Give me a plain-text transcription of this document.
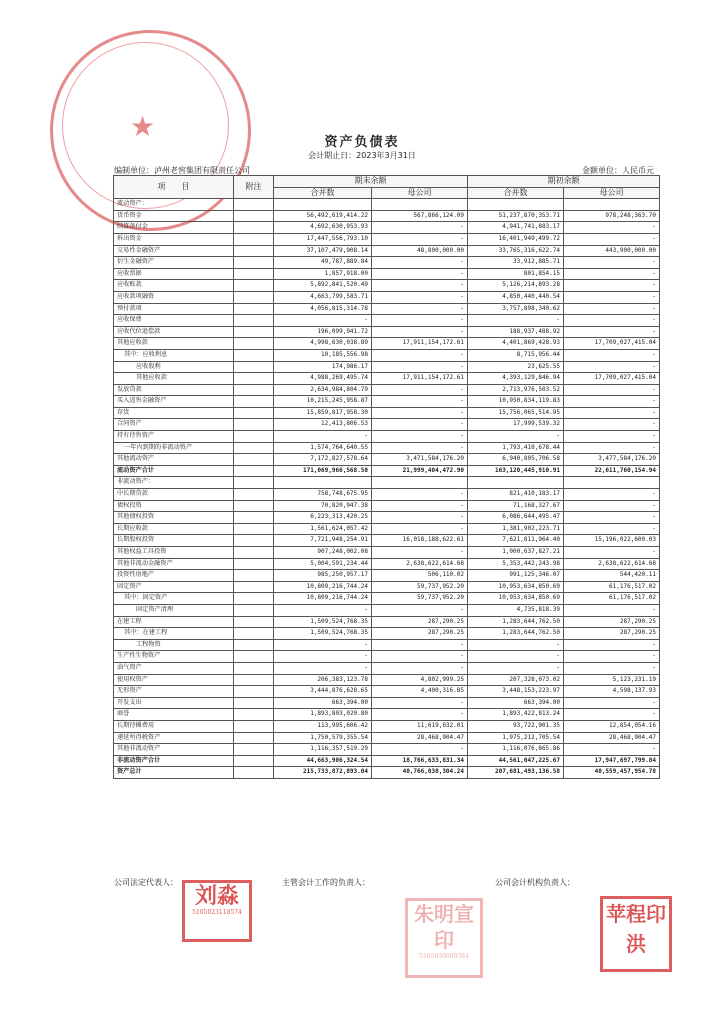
★	资产负债表
会计期止日：2023年3月31日
编制单位：泸州老窖集团有限责任公司	金额单位：人民币元
项　　目	附注	期末余额		期初余额	
		合并数	母公司	合并数	母公司
流动资产：					
货币资金		56,492,619,414.22	567,866,124.09	51,237,870,353.71	978,248,363.70
结算备付金		4,692,630,953.93	-	4,941,741,883.17	-
拆出资金		17,447,556,793.10	-	16,401,949,499.72	-
交易性金融资产		37,107,479,908.14	48,800,000.00	33,765,316,622.74	443,900,000.00
衍生金融资产		49,787,889.84	-	33,912,885.71	-
应收票据		1,857,918.00	-	801,854.15	-
应收账款		5,892,841,520.49	-	5,126,214,893.28	-
应收款项融资		4,663,799,583.71	-	4,850,440,440.54	-
预付款项		4,056,815,314.78	-	3,757,898,340.62	-
应收保费		-	-	-	-
应收代位追偿款		196,099,941.72	-	188,937,488.92	-
其他应收款		4,998,630,038.89	17,911,154,172.61	4,401,869,428.93	17,709,027,415.04
其中：应收利息		10,185,556.98	-	8,715,956.44	-
应收股利		174,986.17	-	23,625.55	-
其他应收款		4,988,269,495.74	17,911,154,172.61	4,393,129,846.94	17,709,027,415.04
发放贷款		2,634,984,804.79	-	2,713,976,503.52	-
买入返售金融资产		10,215,245,958.87	-	10,950,834,119.83	-
存货		15,859,817,958.30	-	15,756,065,514.95	-
合同资产		12,413,806.53	-	17,999,539.32	-
持有待售资产		-	-	-	-
一年内到期的非流动资产		1,574,764,640.55	-	1,793,410,678.44	-
其他流动资产		7,172,827,578.64	3,471,584,176.20	6,940,805,706.58	3,477,584,176.20
流动资产合计		171,069,966,568.50	21,999,404,472.90	163,120,445,910.91	22,611,760,154.94
非流动资产：					
中长期贷款		758,748,675.95	-	821,410,183.17	-
债权投资		70,820,947.38	-	71,168,327.67	-
其他债权投资		6,223,313,420.25	-	6,086,644,495.47	-
长期应收款		1,561,624,057.42	-	1,381,902,223.71	-
长期股权投资		7,721,948,254.91	16,018,188,622.61	7,621,811,964.40	15,196,022,600.03
其他权益工具投资		907,248,002.08	-	1,000,637,827.21	-
其他非流动金融资产		5,004,591,234.44	2,638,622,614.68	5,353,442,243.98	2,638,622,614.68
投资性房地产		985,250,957.17	506,110.02	991,125,346.07	544,420.11
固定资产		10,809,216,744.24	59,737,952.20	10,953,634,850.69	61,176,517.02
其中：固定资产		10,809,216,744.24	59,737,952.20	10,953,634,850.69	61,176,517.02
固定资产清理		-	-	4,735,818.39	-
在建工程		1,509,524,768.35	287,290.25	1,283,644,762.50	287,290.25
其中：在建工程		1,509,524,768.35	287,290.25	1,283,644,762.50	287,290.25
工程物资		-	-	-	-
生产性生物资产		-	-	-	-
油气资产		-	-	-	-
使用权资产		206,383,123.78	4,802,999.25	207,328,073.02	5,123,231.19
无形资产		3,444,876,628.65	4,400,316.85	3,448,153,223.97	4,598,137.93
开发支出		663,394.00	-	663,394.00	-
商誉		1,893,803,020.80	-	1,893,422,813.24	-
长期待摊费用		113,995,606.42	11,619,032.01	93,722,901.35	12,854,054.16
递延所得税资产		1,750,579,355.54	28,468,904.47	1,975,212,705.54	28,468,904.47
其他非流动资产		1,116,357,519.29	-	1,116,076,865.86	-
非流动资产合计		44,663,906,324.54	18,766,633,831.34	44,561,047,225.67	17,947,697,799.84
资产总计		215,733,872,893.04	40,766,038,304.24	207,681,493,136.58	40,559,457,954.78
公司法定代表人：	主管会计工作的负责人：	公司会计机构负责人：
刘淼
5105023118574	朱明宣印
5105030009384
苹程印洪
